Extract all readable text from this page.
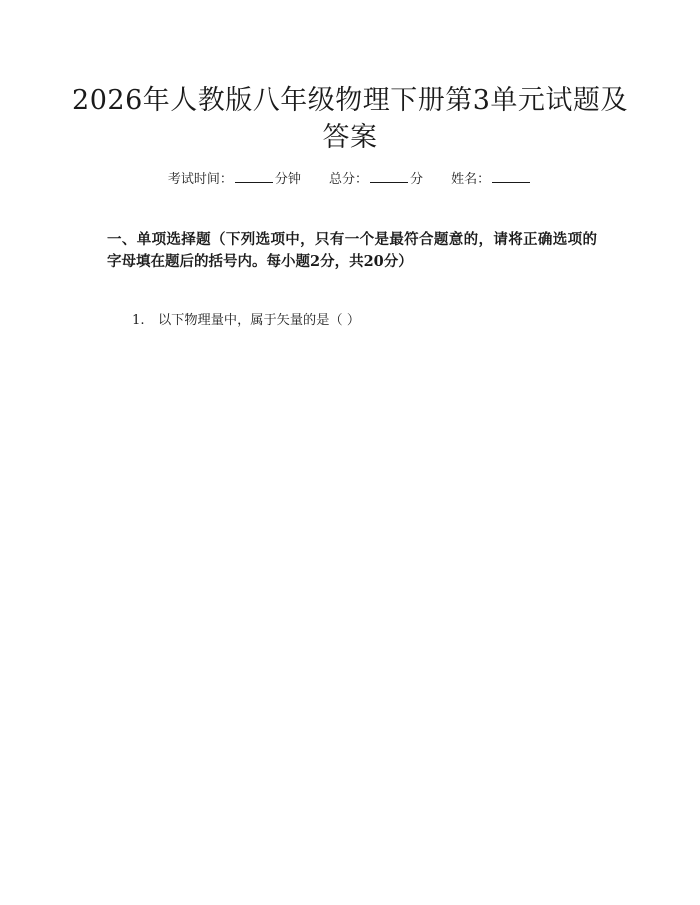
2026年人教版八年级物理下册第3单元试题及答案
考试时间：	分钟 总分：	分 姓名：
一、单项选择题（下列选项中，只有一个是最符合题意的，请将正确选项的字母填在题后的括号内。每小题2分，共20分）
1. 以下物理量中，属于矢量的是（ ）
